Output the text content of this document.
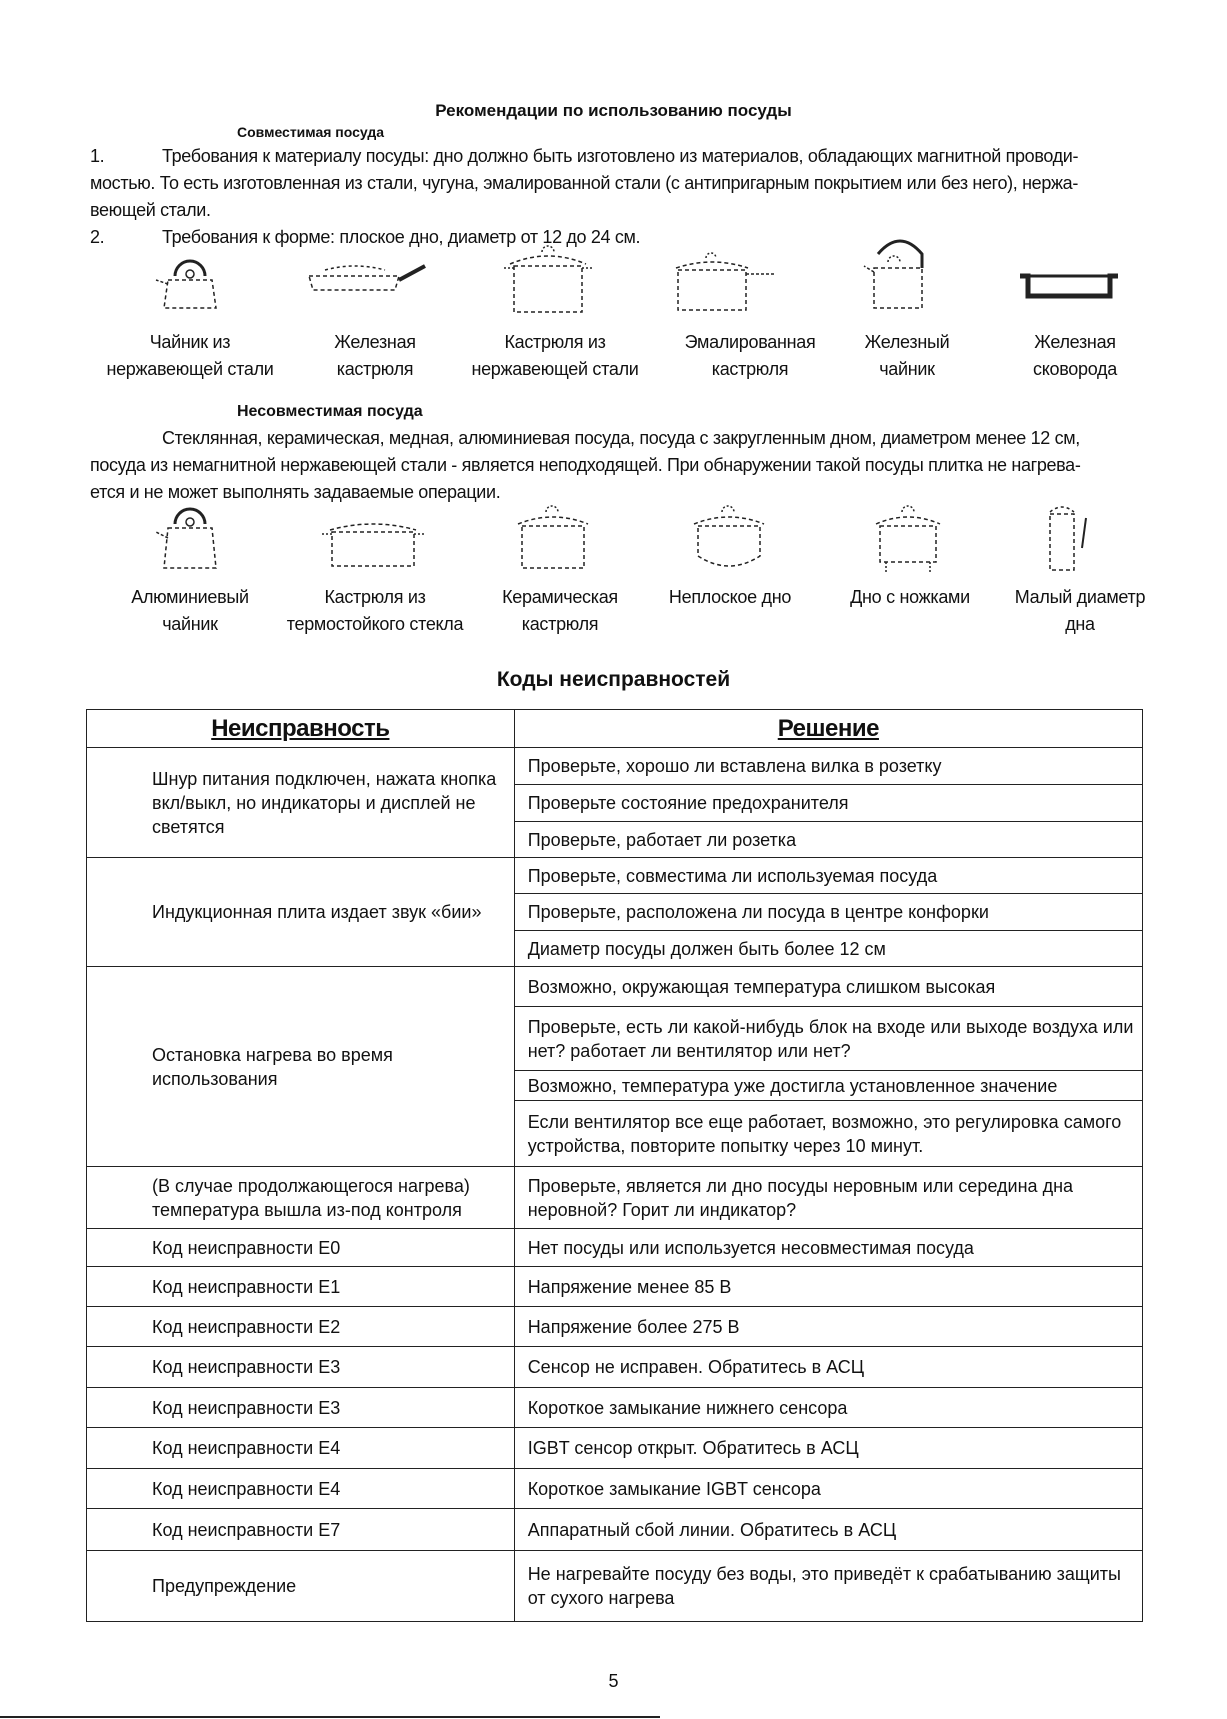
Рекомендации по использованию посуды
Совместимая посуда
1.	Требования к материалу посуды: дно должно быть изготовлено из материалов, обладающих магнитной проводи-
мостью. То есть изготовленная из стали, чугуна, эмалированной стали (с антипригарным покрытием или без него), нержа-
веющей стали.
2.	Требования к форме: плоское дно, диаметр от 12 до 24 см.
Чайник из
нержавеющей стали
Железная
кастрюля
Кастрюля из
нержавеющей стали
Эмалированная
кастрюля
Железный
чайник
Железная
сковорода
Несовместимая посуда
Стеклянная, керамическая, медная, алюминиевая посуда, посуда с закругленным дном, диаметром менее 12 см,
посуда из немагнитной нержавеющей стали - является неподходящей. При обнаружении такой посуды плитка не нагрева-
ется и не может выполнять задаваемые операции.
Алюминиевый
чайник
Кастрюля из
термостойкого стекла
Керамическая
кастрюля
Неплоское дно	Дно с ножками	Малый диаметр
дна
Коды неисправностей
Неисправность	Решение
Шнур питания подключен, нажата кнопка вкл/выкл, но индикаторы и дисплей не светятся	Проверьте, хорошо ли вставлена вилка в розетку
	Проверьте состояние предохранителя
	Проверьте, работает ли розетка
Индукционная плита издает звук «бии»	Проверьте, совместима ли используемая посуда
	Проверьте, расположена ли посуда в центре конфорки
	Диаметр посуды должен быть более 12 см
Остановка нагрева во время использования	Возможно, окружающая температура слишком высокая
	Проверьте, есть ли какой-нибудь блок на входе или выходе воздуха или нет? работает ли вентилятор или нет?
	Возможно, температура уже достигла установленное значение
	Если вентилятор все еще работает, возможно, это регулировка самого устройства, повторите попытку через 10 минут.
(В случае продолжающегося нагрева) температура вышла из-под контроля	Проверьте, является ли дно посуды неровным или середина дна неровной? Горит ли индикатор?
Код неисправности Е0	Нет посуды или используется несовместимая посуда
Код неисправности Е1	Напряжение менее 85 В
Код неисправности Е2	Напряжение более 275 В
Код неисправности Е3	Сенсор не исправен. Обратитесь в АСЦ
Код неисправности Е3	Короткое замыкание нижнего сенсора
Код неисправности Е4	IGBT сенсор открыт. Обратитесь в АСЦ
Код неисправности Е4	Короткое замыкание IGBT сенсора
Код неисправности Е7	Аппаратный сбой линии. Обратитесь в АСЦ
Предупреждение	Не нагревайте посуду без воды, это приведёт к срабатыванию защиты от сухого нагрева
5
